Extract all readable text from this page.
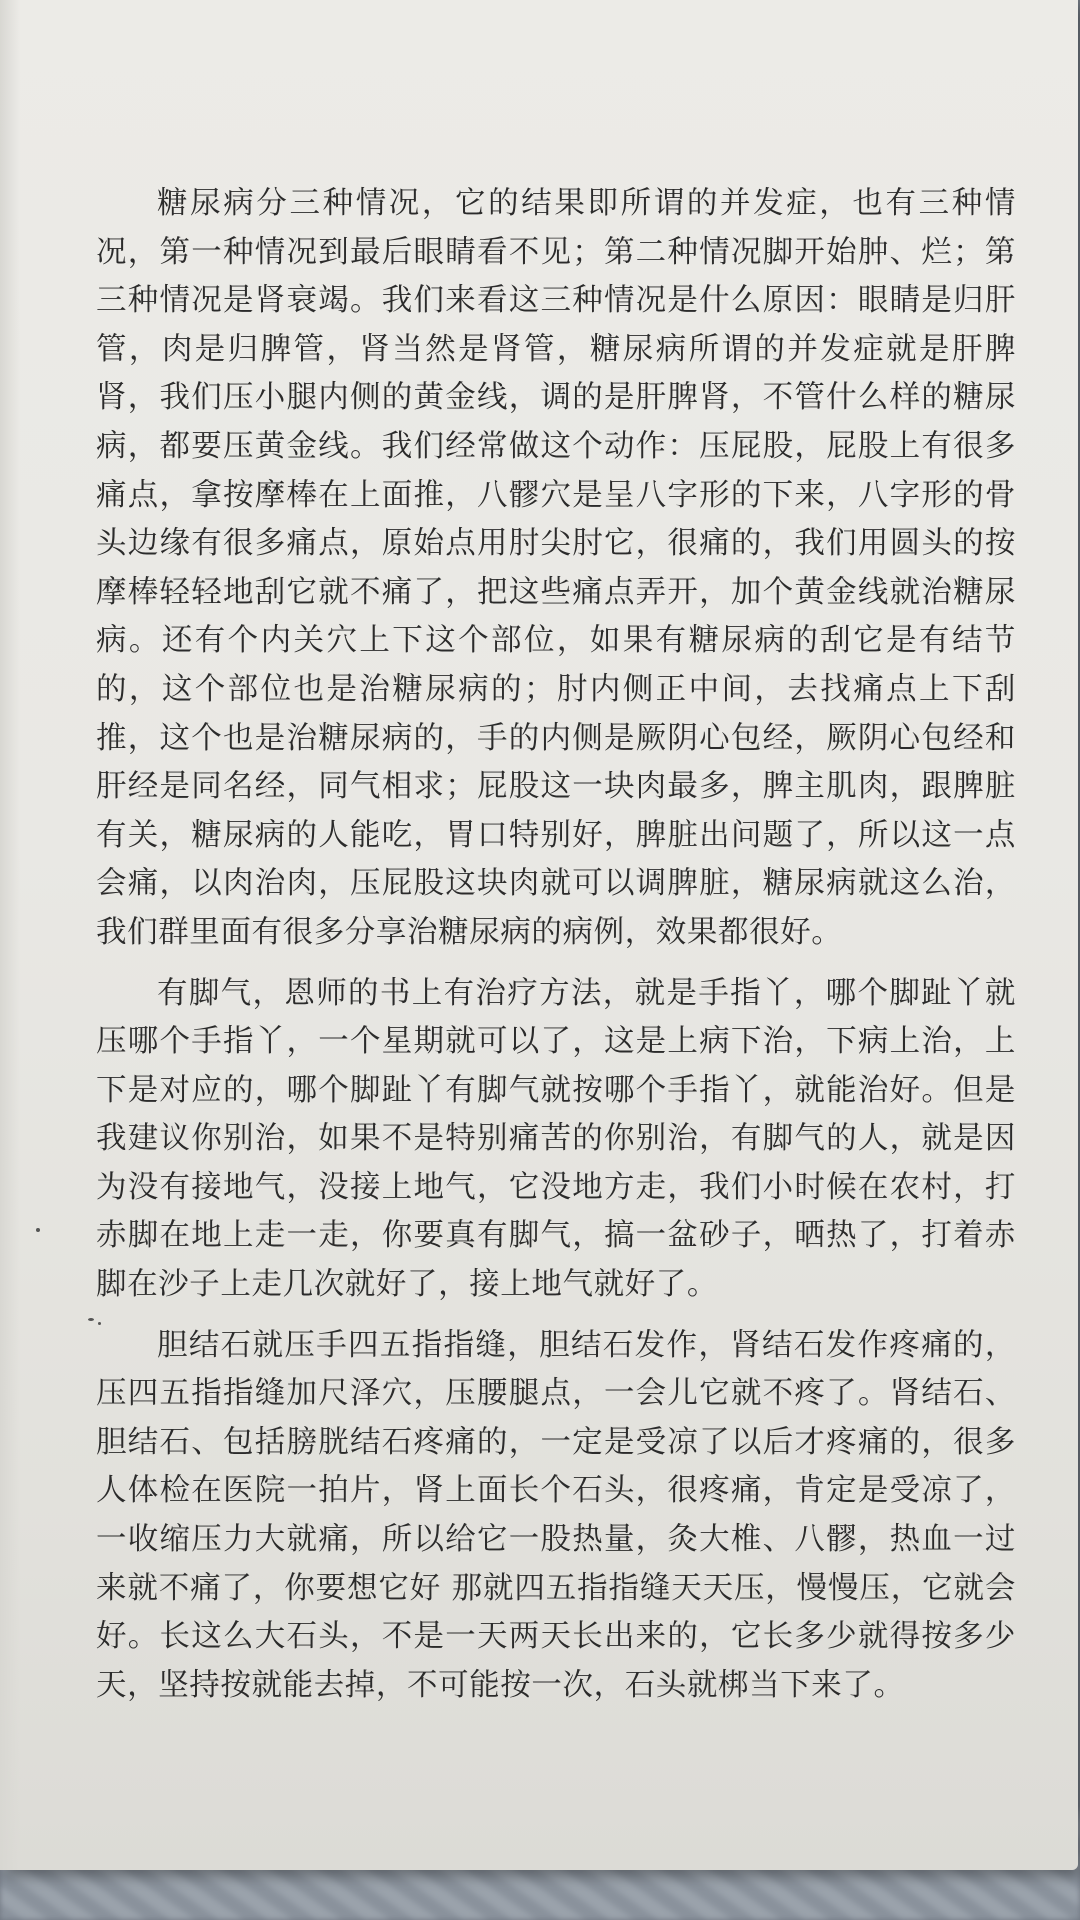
糖尿病分三种情况，它的结果即所谓的并发症，也有三种情况，第一种情况到最后眼睛看不见；第二种情况脚开始肿、烂；第三种情况是肾衰竭。我们来看这三种情况是什么原因：眼睛是归肝管，肉是归脾管，肾当然是肾管，糖尿病所谓的并发症就是肝脾肾，我们压小腿内侧的黄金线，调的是肝脾肾，不管什么样的糖尿病，都要压黄金线。我们经常做这个动作：压屁股，屁股上有很多痛点，拿按摩棒在上面推，八髎穴是呈八字形的下来，八字形的骨头边缘有很多痛点，原始点用肘尖肘它，很痛的，我们用圆头的按摩棒轻轻地刮它就不痛了，把这些痛点弄开，加个黄金线就治糖尿病。还有个内关穴上下这个部位，如果有糖尿病的刮它是有结节的，这个部位也是治糖尿病的；肘内侧正中间，去找痛点上下刮推，这个也是治糖尿病的，手的内侧是厥阴心包经，厥阴心包经和肝经是同名经，同气相求；屁股这一块肉最多，脾主肌肉，跟脾脏有关，糖尿病的人能吃，胃口特别好，脾脏出问题了，所以这一点会痛，以肉治肉，压屁股这块肉就可以调脾脏，糖尿病就这么治，我们群里面有很多分享治糖尿病的病例，效果都很好。

有脚气，恩师的书上有治疗方法，就是手指丫，哪个脚趾丫就压哪个手指丫，一个星期就可以了，这是上病下治，下病上治，上下是对应的，哪个脚趾丫有脚气就按哪个手指丫，就能治好。但是我建议你别治，如果不是特别痛苦的你别治，有脚气的人，就是因为没有接地气，没接上地气，它没地方走，我们小时候在农村，打赤脚在地上走一走，你要真有脚气，搞一盆砂子，晒热了，打着赤脚在沙子上走几次就好了，接上地气就好了。

胆结石就压手四五指指缝，胆结石发作，肾结石发作疼痛的，压四五指指缝加尺泽穴，压腰腿点，一会儿它就不疼了。肾结石、胆结石、包括膀胱结石疼痛的，一定是受凉了以后才疼痛的，很多人体检在医院一拍片，肾上面长个石头，很疼痛，肯定是受凉了，一收缩压力大就痛，所以给它一股热量，灸大椎、八髎，热血一过来就不痛了，你要想它好 那就四五指指缝天天压，慢慢压，它就会好。长这么大石头，不是一天两天长出来的，它长多少就得按多少天，坚持按就能去掉，不可能按一次，石头就梆当下来了。
